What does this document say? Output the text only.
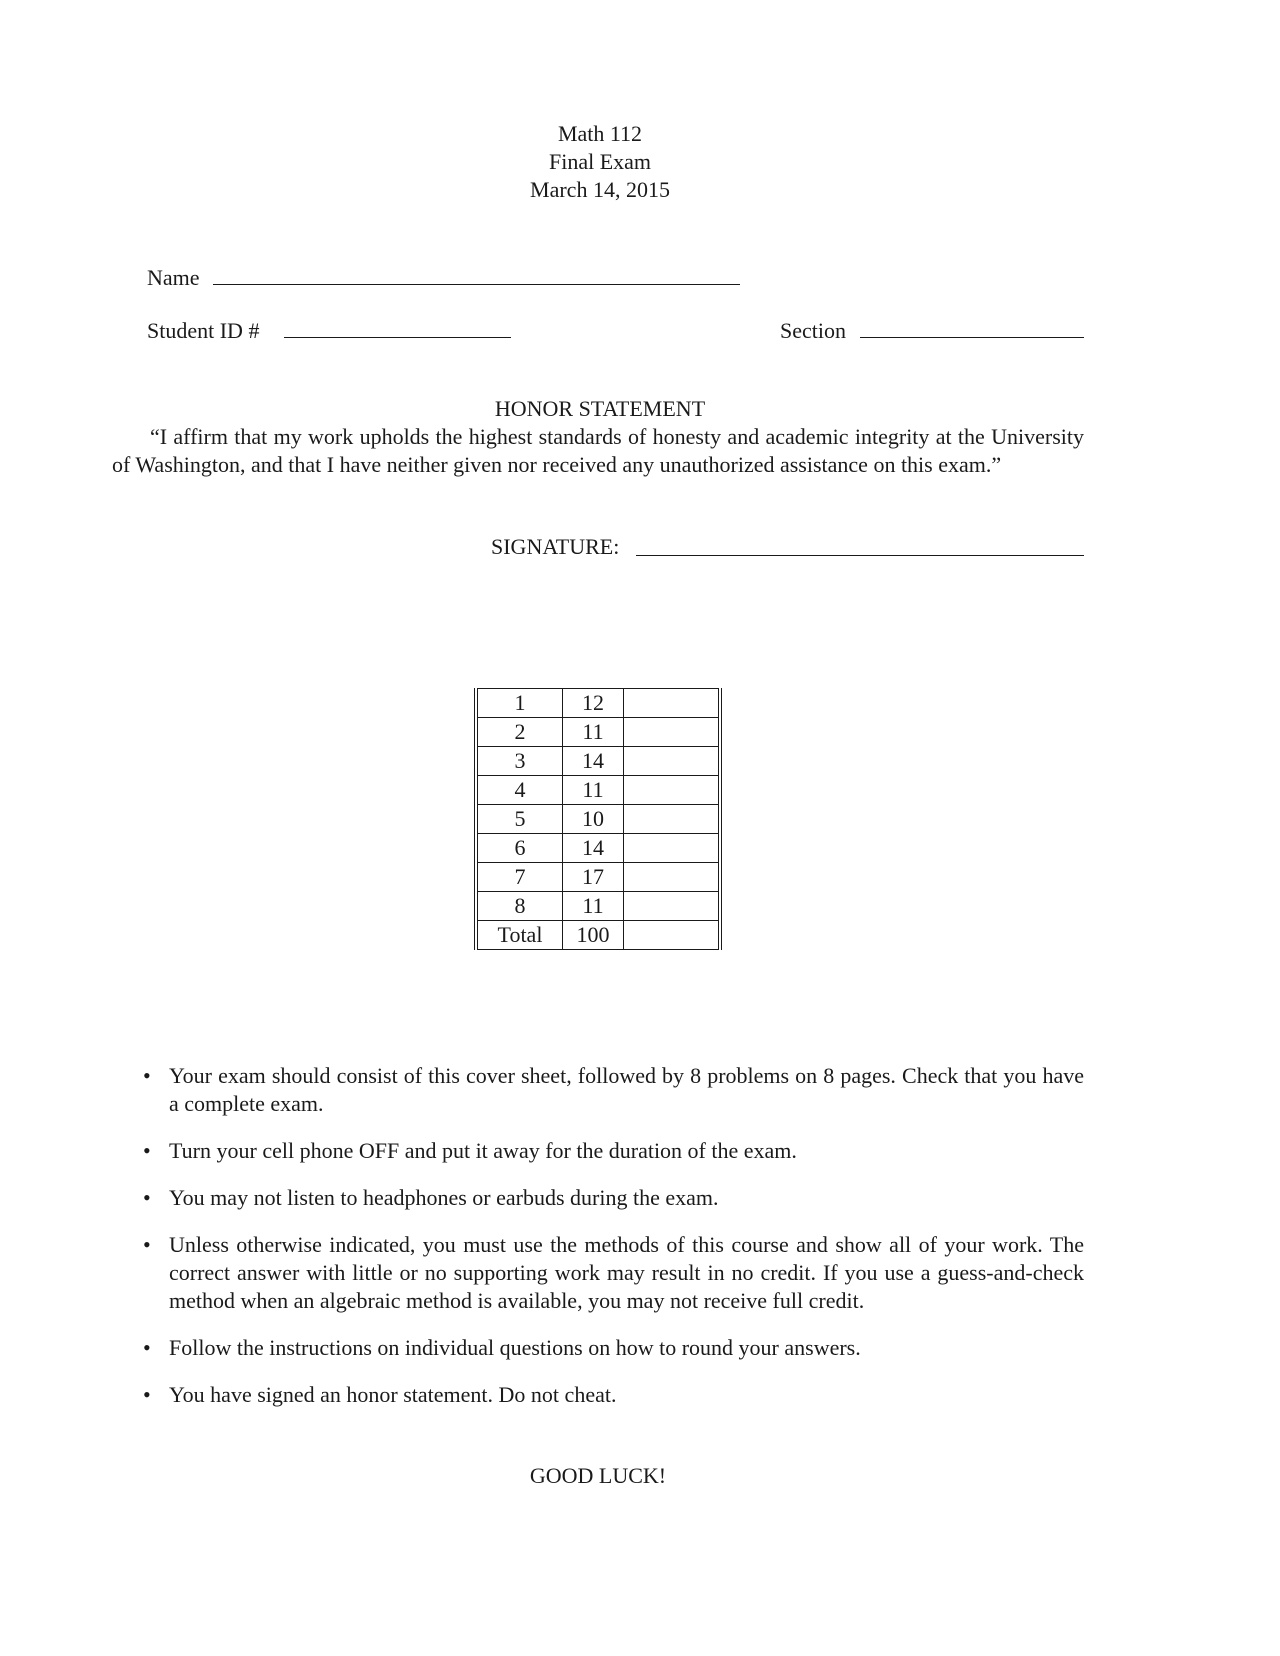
Math 112
Final Exam
March 14, 2015
Name
Student ID #	Section
HONOR STATEMENT
“I affirm that my work upholds the highest standards of honesty and academic integrity at the University of Washington, and that I have neither given nor received any unauthorized assistance on this exam.”
SIGNATURE:
1	12	
2	11	
3	14	
4	11	
5	10	
6	14	
7	17	
8	11	
Total	100	
• Your exam should consist of this cover sheet, followed by 8 problems on 8 pages. Check that you have a complete exam.
• Turn your cell phone OFF and put it away for the duration of the exam.
• You may not listen to headphones or earbuds during the exam.
• Unless otherwise indicated, you must use the methods of this course and show all of your work. The correct answer with little or no supporting work may result in no credit. If you use a guess-and-check method when an algebraic method is available, you may not receive full credit.
• Follow the instructions on individual questions on how to round your answers.
• You have signed an honor statement. Do not cheat.
GOOD LUCK!
